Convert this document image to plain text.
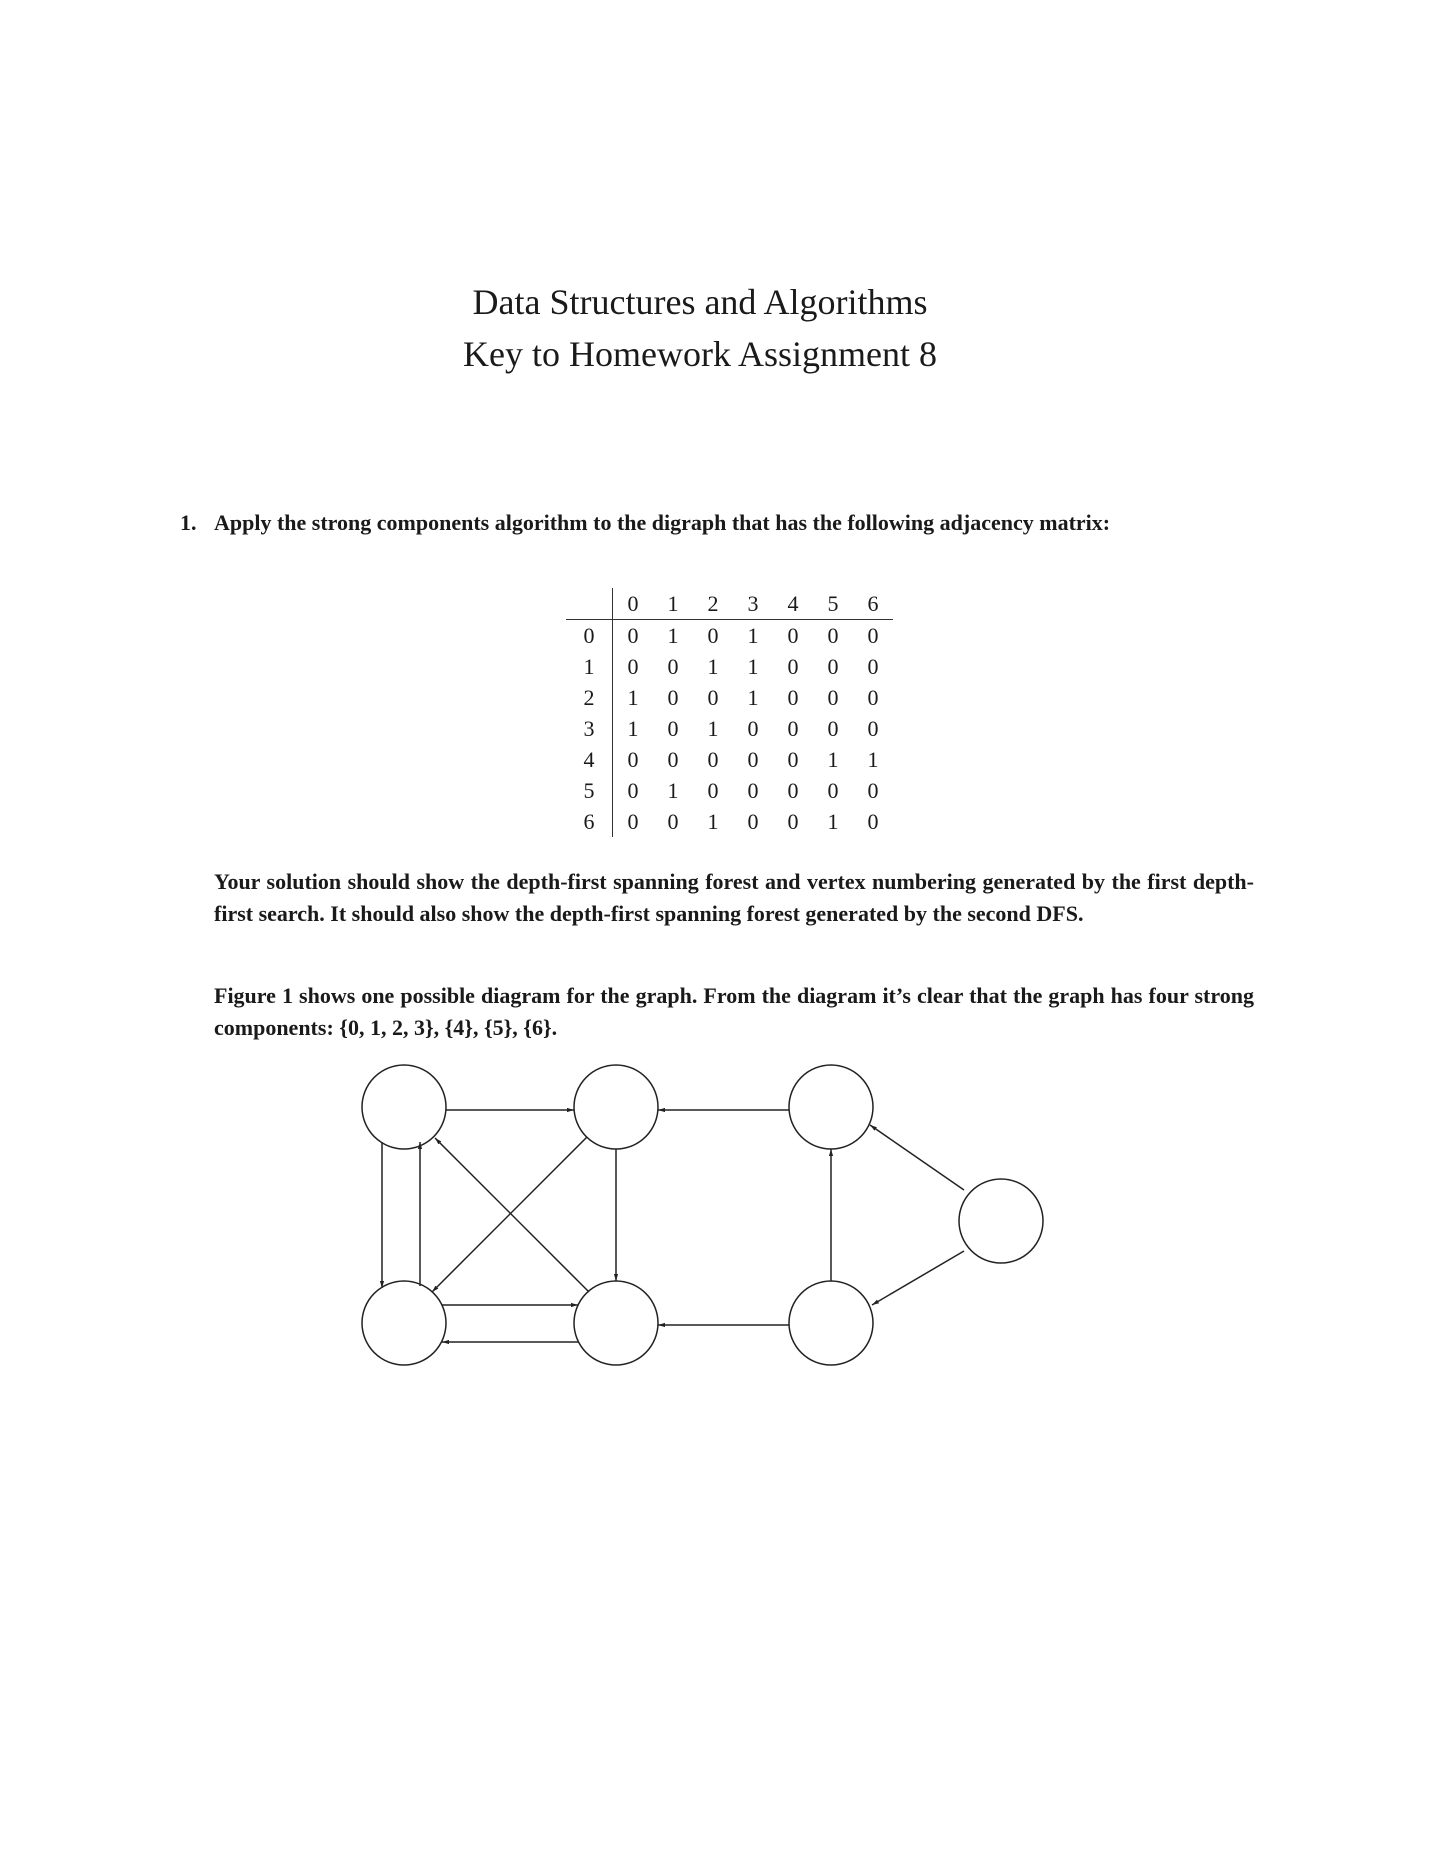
Data Structures and Algorithms
Key to Homework Assignment 8
1. Apply the strong components algorithm to the digraph that has the following adjacency matrix:
	0	1	2	3	4	5	6
0	0	1	0	1	0	0	0
1	0	0	1	1	0	0	0
2	1	0	0	1	0	0	0
3	1	0	1	0	0	0	0
4	0	0	0	0	0	1	1
5	0	1	0	0	0	0	0
6	0	0	1	0	0	1	0
Your solution should show the depth-first spanning forest and vertex numbering generated by the first depth-first search. It should also show the depth-first spanning forest generated by the second DFS.
Figure 1 shows one possible diagram for the graph. From the diagram it’s clear that the graph has four strong components: {0, 1, 2, 3}, {4}, {5}, {6}.
